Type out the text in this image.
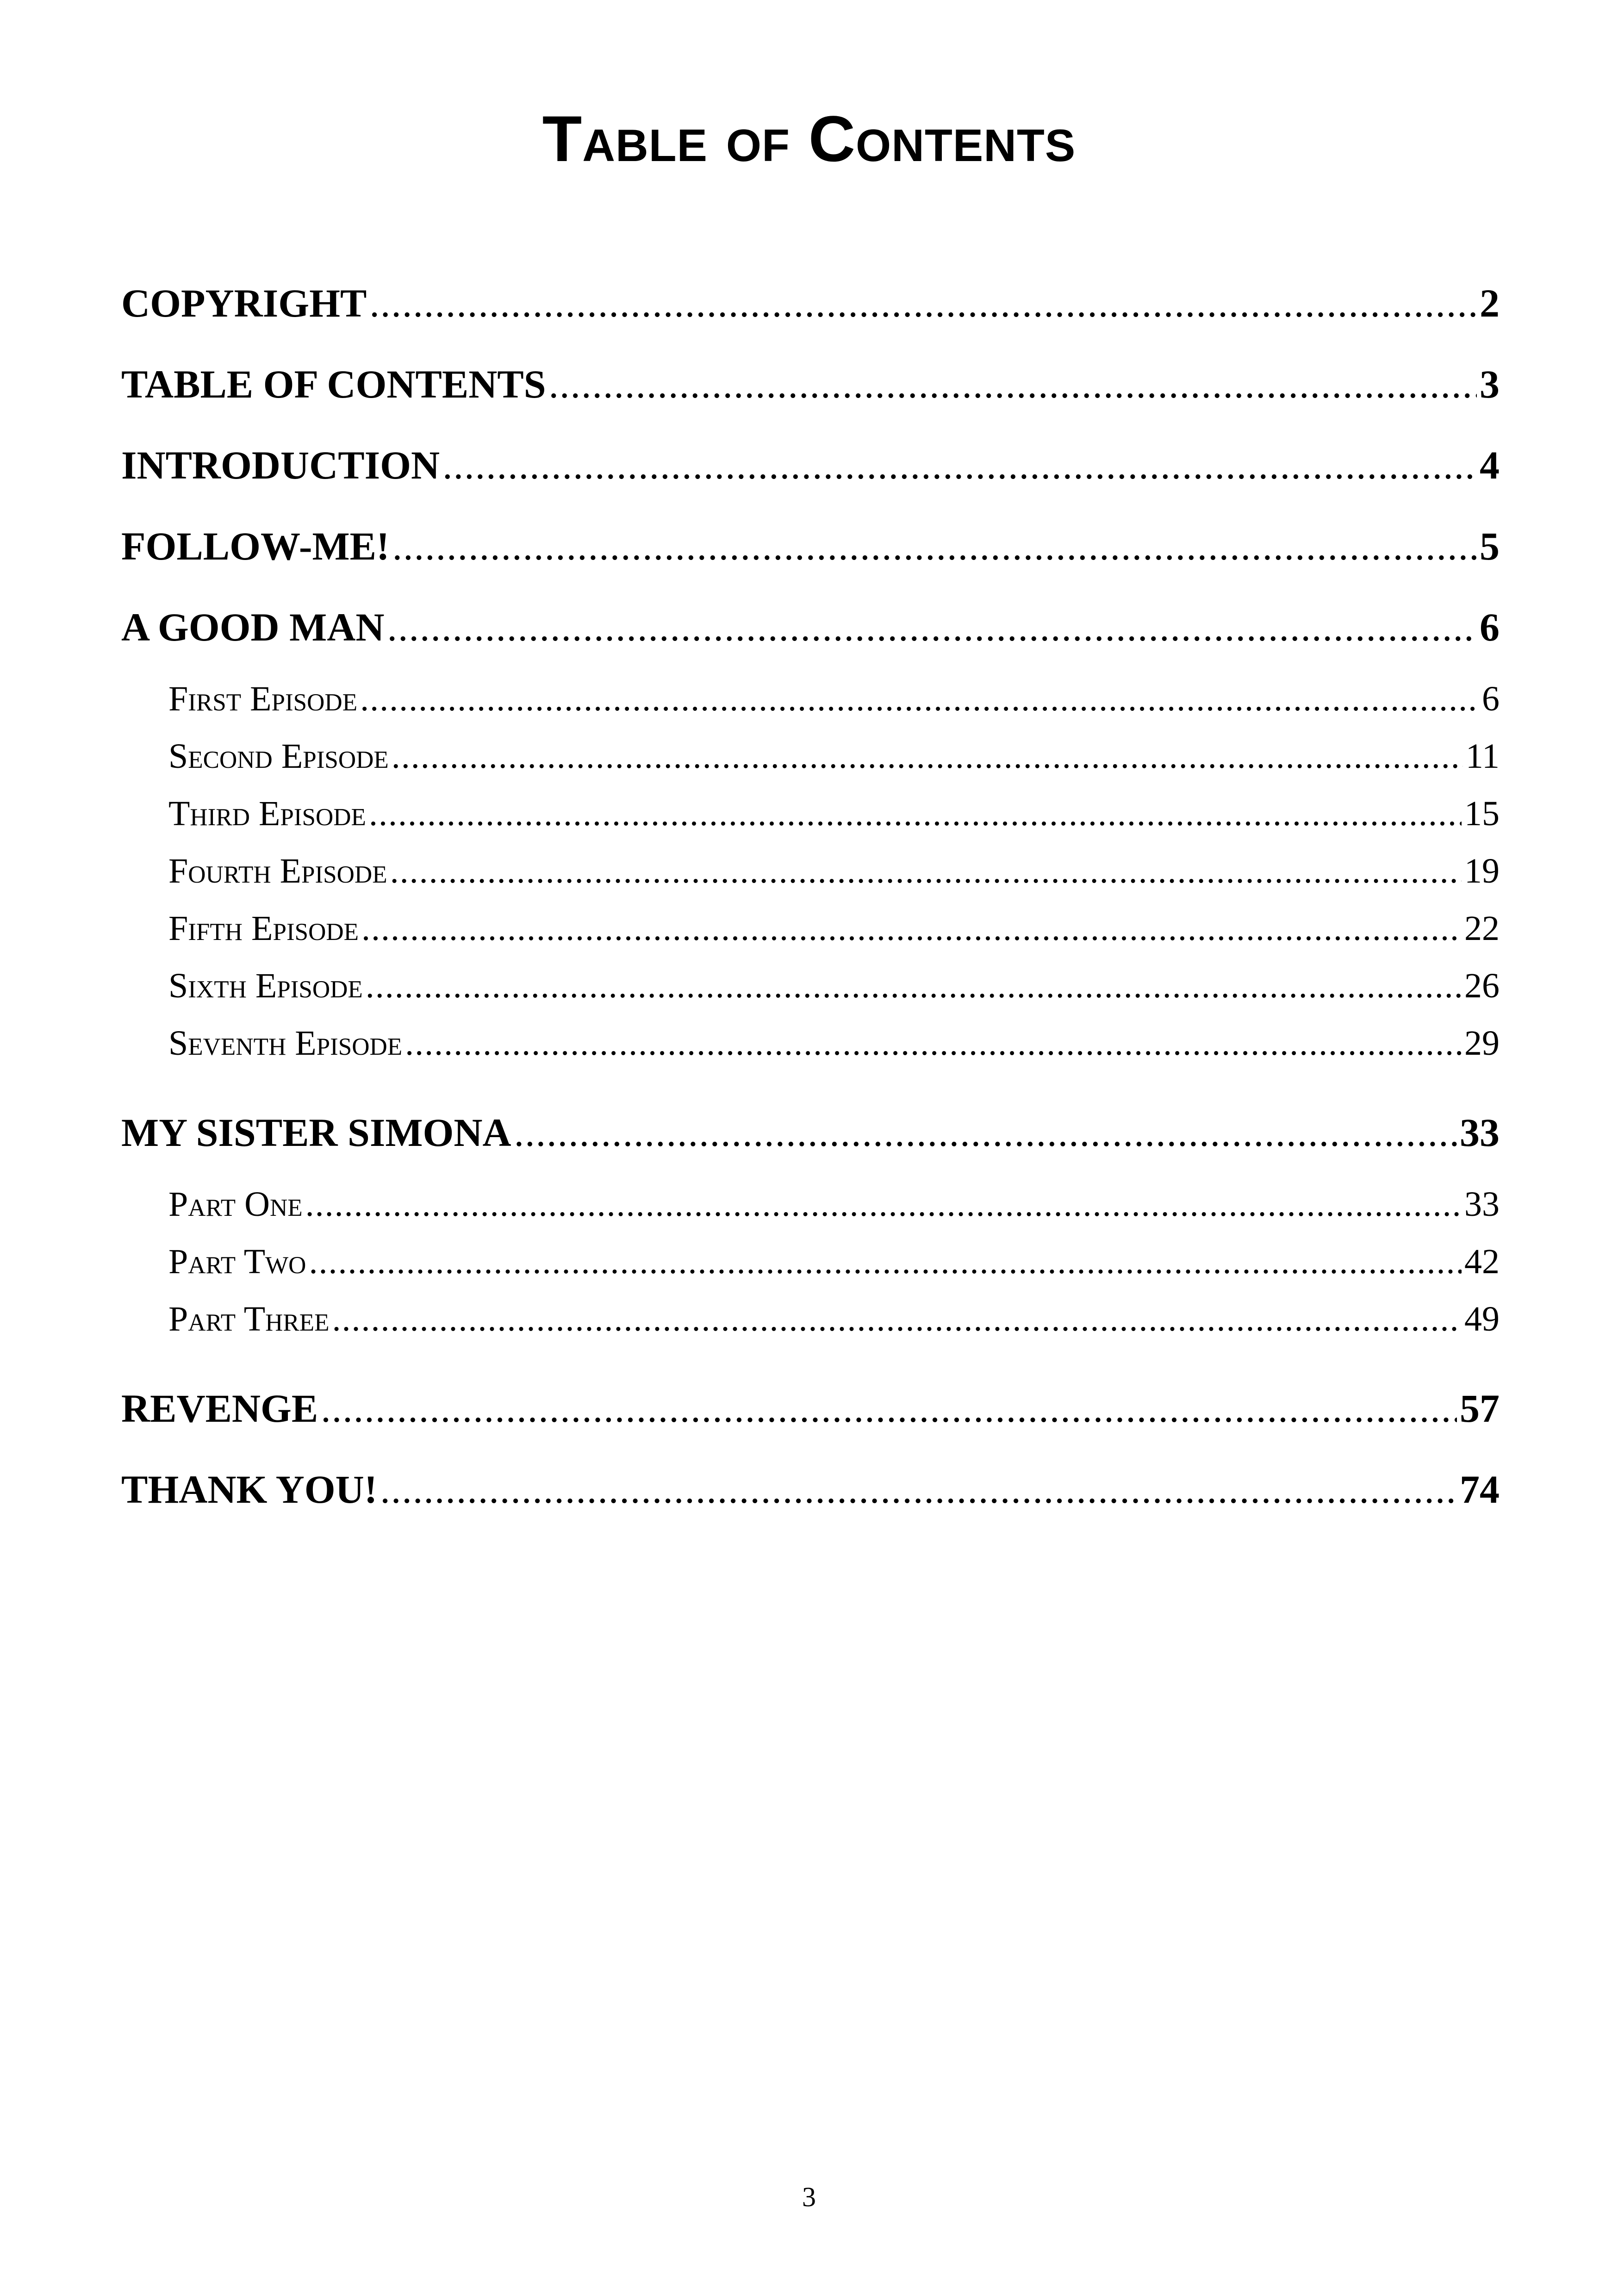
Table of Contents
COPYRIGHT .....	2
TABLE OF CONTENTS .....	3
INTRODUCTION .....	4
FOLLOW-ME! .....	5
A GOOD MAN .....	6
First Episode .....	6
Second Episode .....	11
Third Episode .....	15
Fourth Episode .....	19
Fifth Episode .....	22
Sixth Episode .....	26
Seventh Episode .....	29
MY SISTER SIMONA .....	33
Part One .....	33
Part Two .....	42
Part Three .....	49
REVENGE .....	57
THANK YOU! .....	74
3
